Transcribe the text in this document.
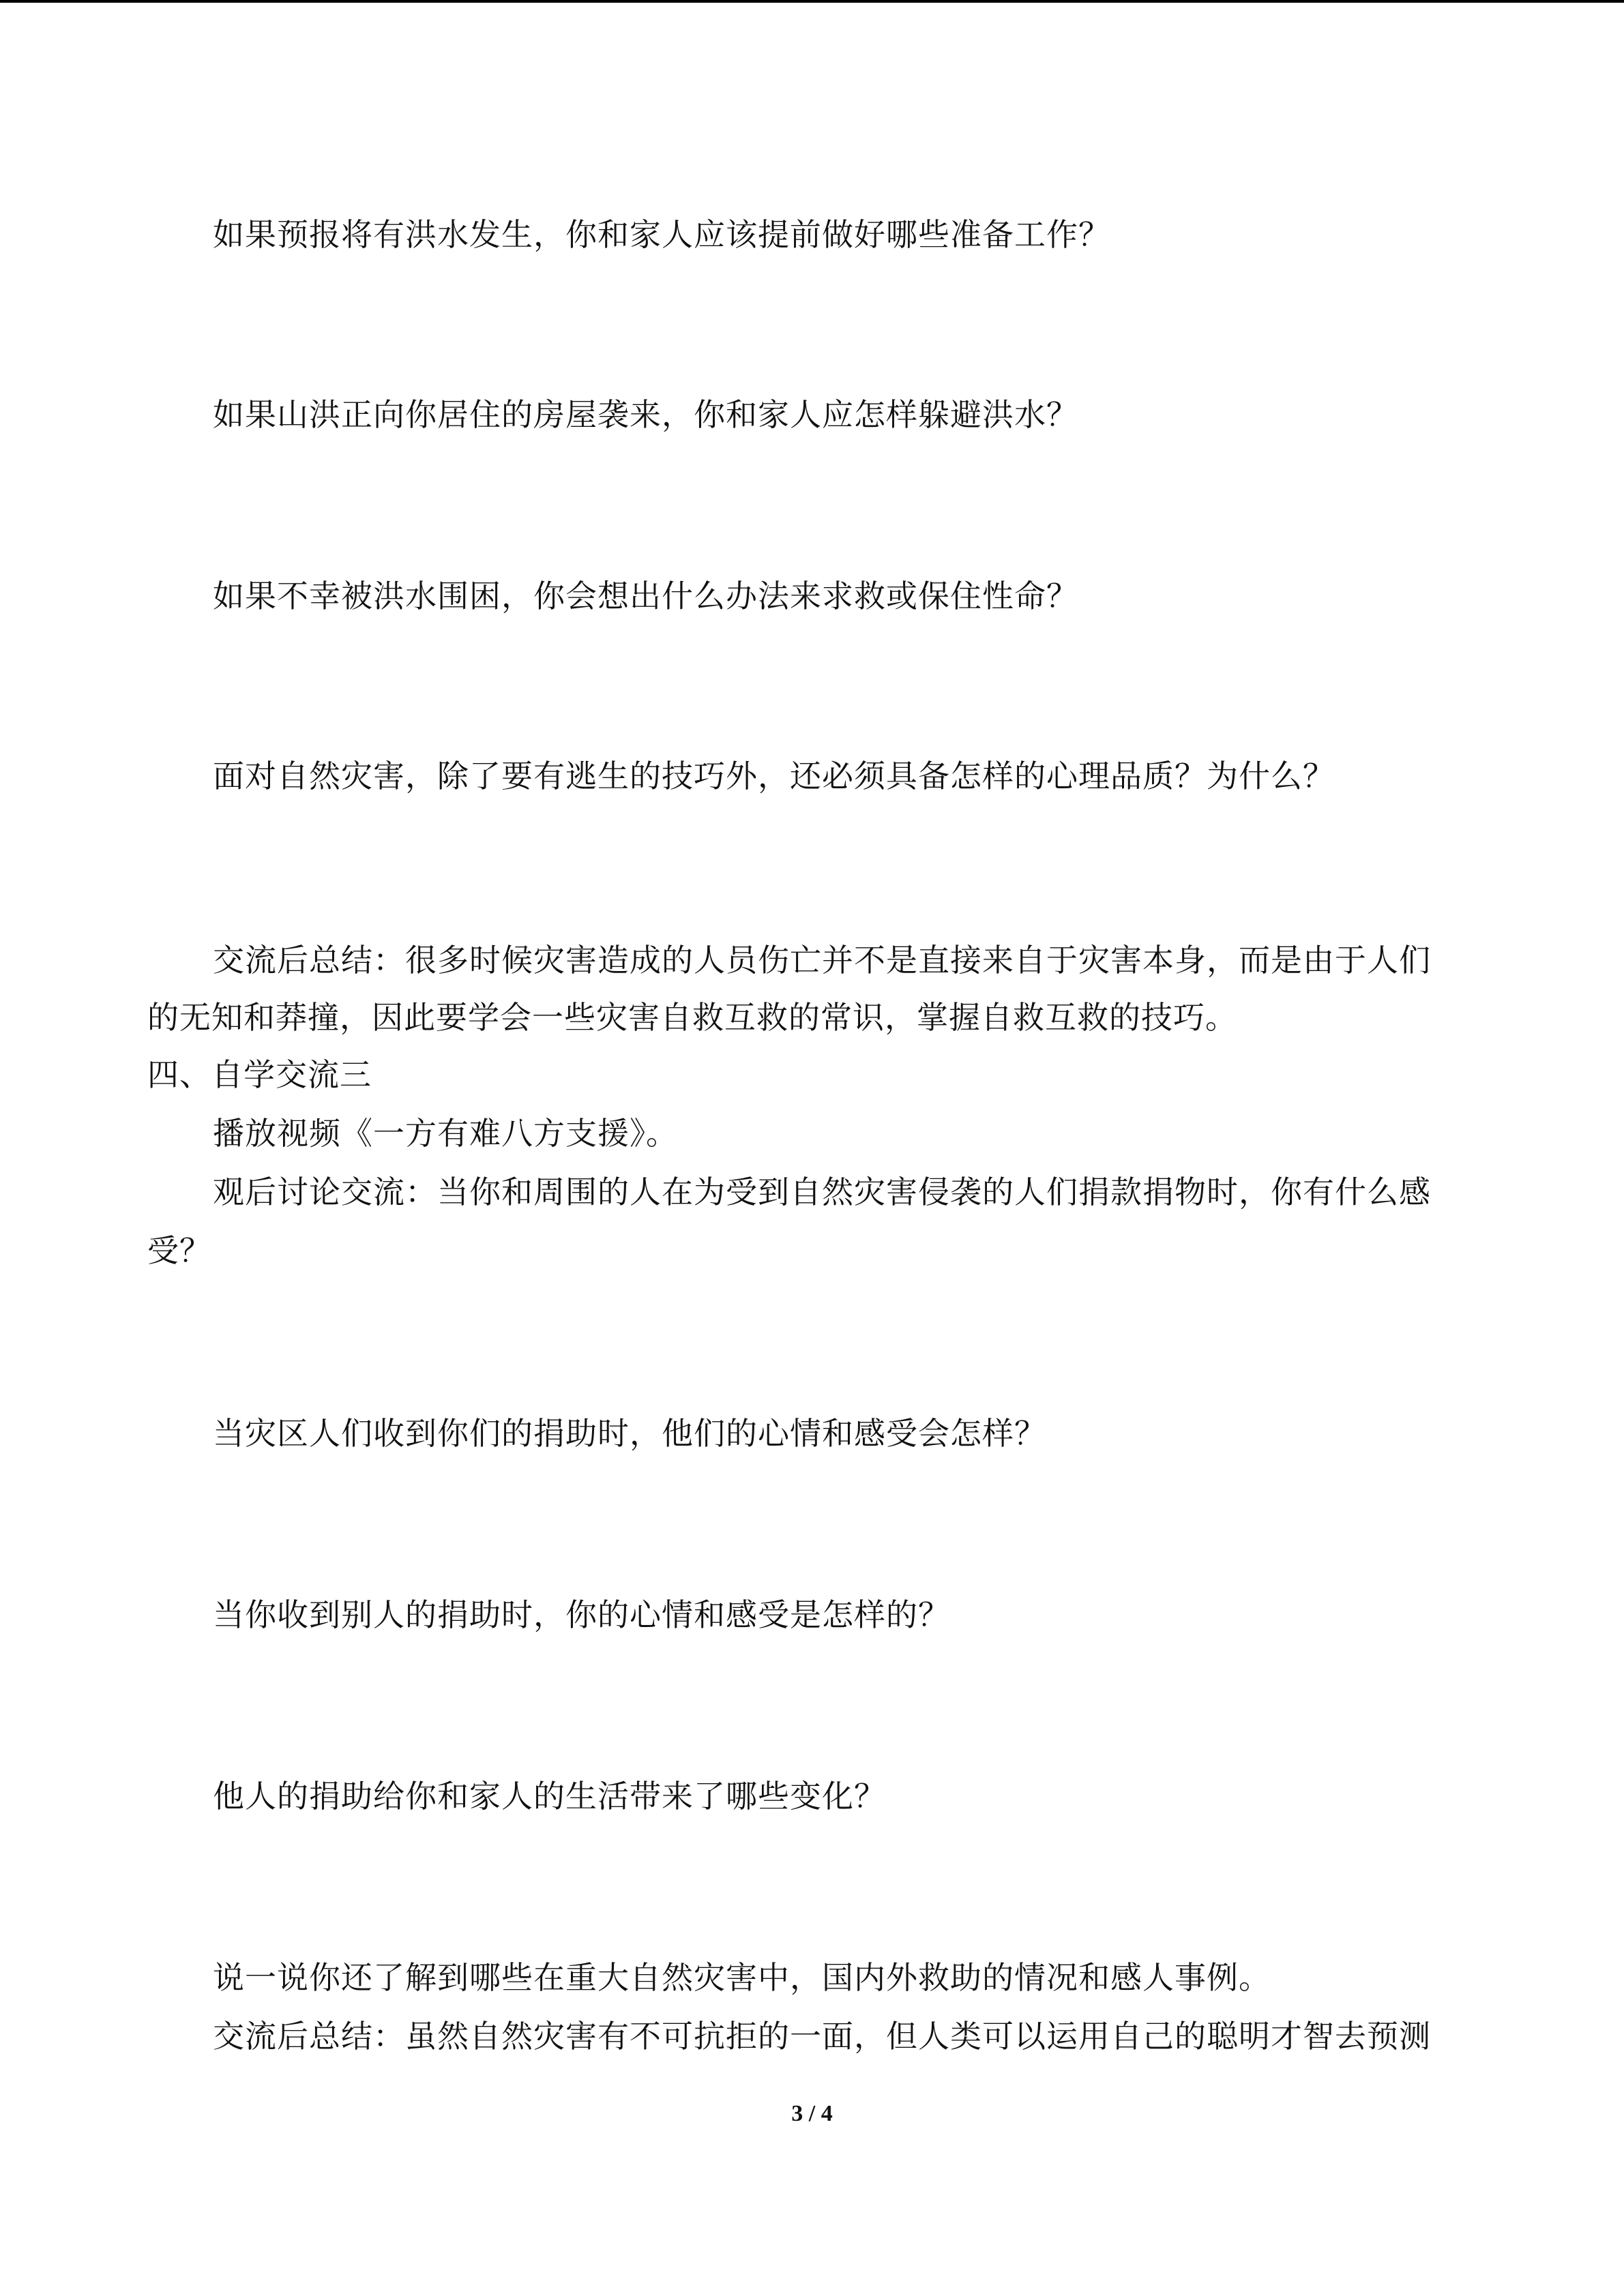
如果预报将有洪水发生，你和家人应该提前做好哪些准备工作？
如果山洪正向你居住的房屋袭来，你和家人应怎样躲避洪水？
如果不幸被洪水围困，你会想出什么办法来求救或保住性命？
面对自然灾害，除了要有逃生的技巧外，还必须具备怎样的心理品质？为什么？
交流后总结：很多时候灾害造成的人员伤亡并不是直接来自于灾害本身，而是由于人们
的无知和莽撞，因此要学会一些灾害自救互救的常识，掌握自救互救的技巧。
四、自学交流三
播放视频《一方有难八方支援》。
观后讨论交流：当你和周围的人在为受到自然灾害侵袭的人们捐款捐物时，你有什么感
受？
当灾区人们收到你们的捐助时，他们的心情和感受会怎样？
当你收到别人的捐助时，你的心情和感受是怎样的？
他人的捐助给你和家人的生活带来了哪些变化？
说一说你还了解到哪些在重大自然灾害中，国内外救助的情况和感人事例。
交流后总结：虽然自然灾害有不可抗拒的一面，但人类可以运用自己的聪明才智去预测
3 / 4
